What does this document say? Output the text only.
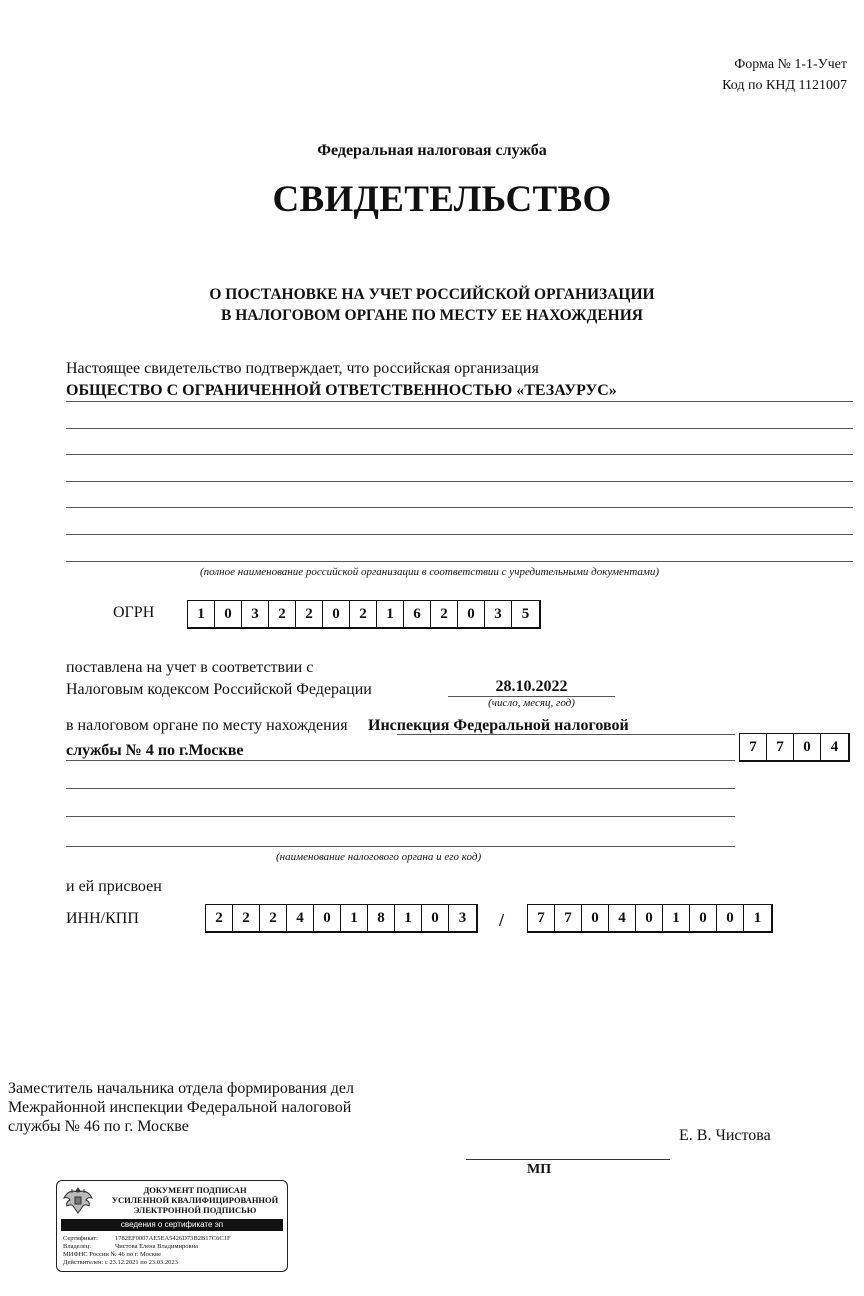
Форма № 1-1-Учет
Код по КНД 1121007
Федеральная налоговая служба
СВИДЕТЕЛЬСТВО
О ПОСТАНОВКЕ НА УЧЕТ РОССИЙСКОЙ ОРГАНИЗАЦИИ
В НАЛОГОВОМ ОРГАНЕ ПО МЕСТУ ЕЕ НАХОЖДЕНИЯ
Настоящее свидетельство подтверждает, что российская организация
ОБЩЕСТВО С ОГРАНИЧЕННОЙ ОТВЕТСТВЕННОСТЬЮ «ТЕЗАУРУС»
(полное наименование российской организации в соответствии с учредительными документами)
ОГРН	1	0	3	2	2	0	2	1	6	2	0	3	5
поставлена на учет в соответствии с
Налоговым кодексом Российской Федерации	28.10.2022
(число, месяц, год)
в налоговом органе по месту нахождения Инспекция Федеральной налоговой
службы № 4 по г.Москве	7	7	0	4
(наименование налогового органа и его код)
и ей присвоен
ИНН/КПП	2	2	2	4	0	1	8	1	0	3	/	7	7	0	4	0	1	0	0	1
Заместитель начальника отдела формирования дел
Межрайонной инспекции Федеральной налоговой
службы № 46 по г. Москве
Е. В. Чистова
МП
ДОКУМЕНТ ПОДПИСАН
УСИЛЕННОЙ КВАЛИФИЦИРОВАННОЙ
ЭЛЕКТРОННОЙ ПОДПИСЬЮ
сведения о сертификате эп
Сертификат:	1782EF0007AE5EA5426D73B2B17C6C1F
Владелец:	Чистова Елена Владимировна
МИФНС России № 46 по г. Москве
Действителен: с 23.12.2021 по 23.03.2023
